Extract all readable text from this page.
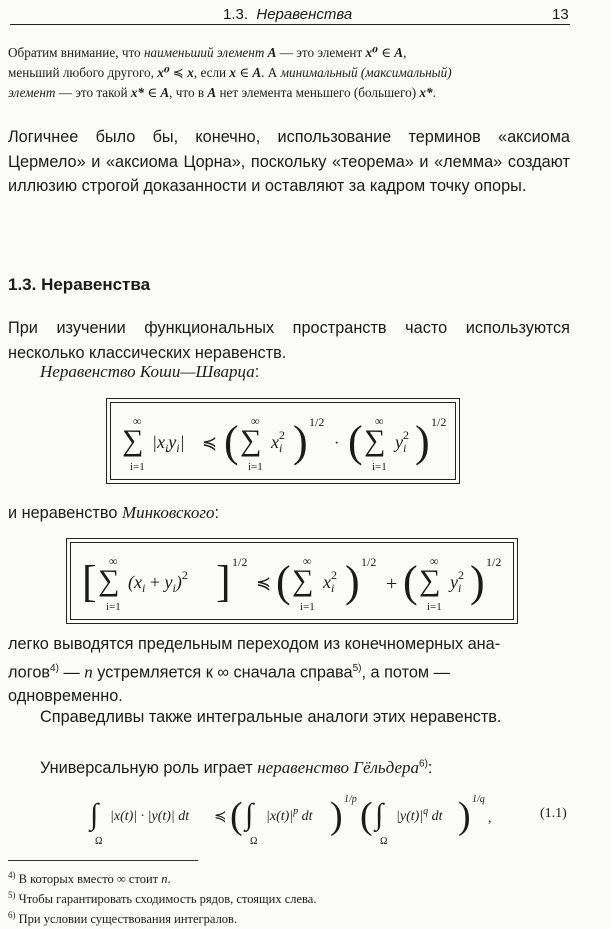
1.3. Неравенства	13
Обратим внимание, что наименьший элемент A — это элемент x⁰ ∈ A,
меньший любого другого, x⁰ ≼ x, если x ∈ A. А минимальный (максимальный)
элемент — это такой x* ∈ A, что в A нет элемента меньшего (большего) x*.
Логичнее было бы, конечно, использование терминов «аксиома Цермело» и «аксиома Цорна», поскольку «теорема» и «лемма» создают иллюзию строгой доказанности и оставляют за кадром точку опоры.
1.3. Неравенства
При изучении функциональных пространств часто используются несколько классических неравенств.
Неравенство Коши—Шварца:
∞
∑
i=1
$|x_iy_i|$ ≼ ( ∞
∑
i=1
$x^2$ i ) 1/2
· ( ∞
∑
i=1
$y^2$ i ) 1/2
и неравенство Минковского:
[ ∞
∑
i=1
$(x_i + y_i)^2$ ] 1/2
≼ ( ∞
∑
i=1
$x^2$ i ) 1/2
+ ( ∞
∑
i=1
$y^2$ i ) 1/2
легко выводятся предельным переходом из конечномерных ана-
логов$^{4)}$ — n устремляется к ∞ сначала справа$^{5)}$, а потом —
одновременно.
Справедливы также интегральные аналоги этих неравенств.
Универсальную роль играет неравенство Гёльдера$^{6)}$:
∫
Ω
|x(t)| · |y(t)| dt ≼ ( ∫
Ω
$|x(t)|^p$ dt ) 1/p ( ∫
Ω
$|y(t)|^q$ dt ) 1/q
,	(1.1)
$^{4)}$ В которых вместо ∞ стоит n.
$^{5)}$ Чтобы гарантировать сходимость рядов, стоящих слева.
$^{6)}$ При условии существования интегралов.
